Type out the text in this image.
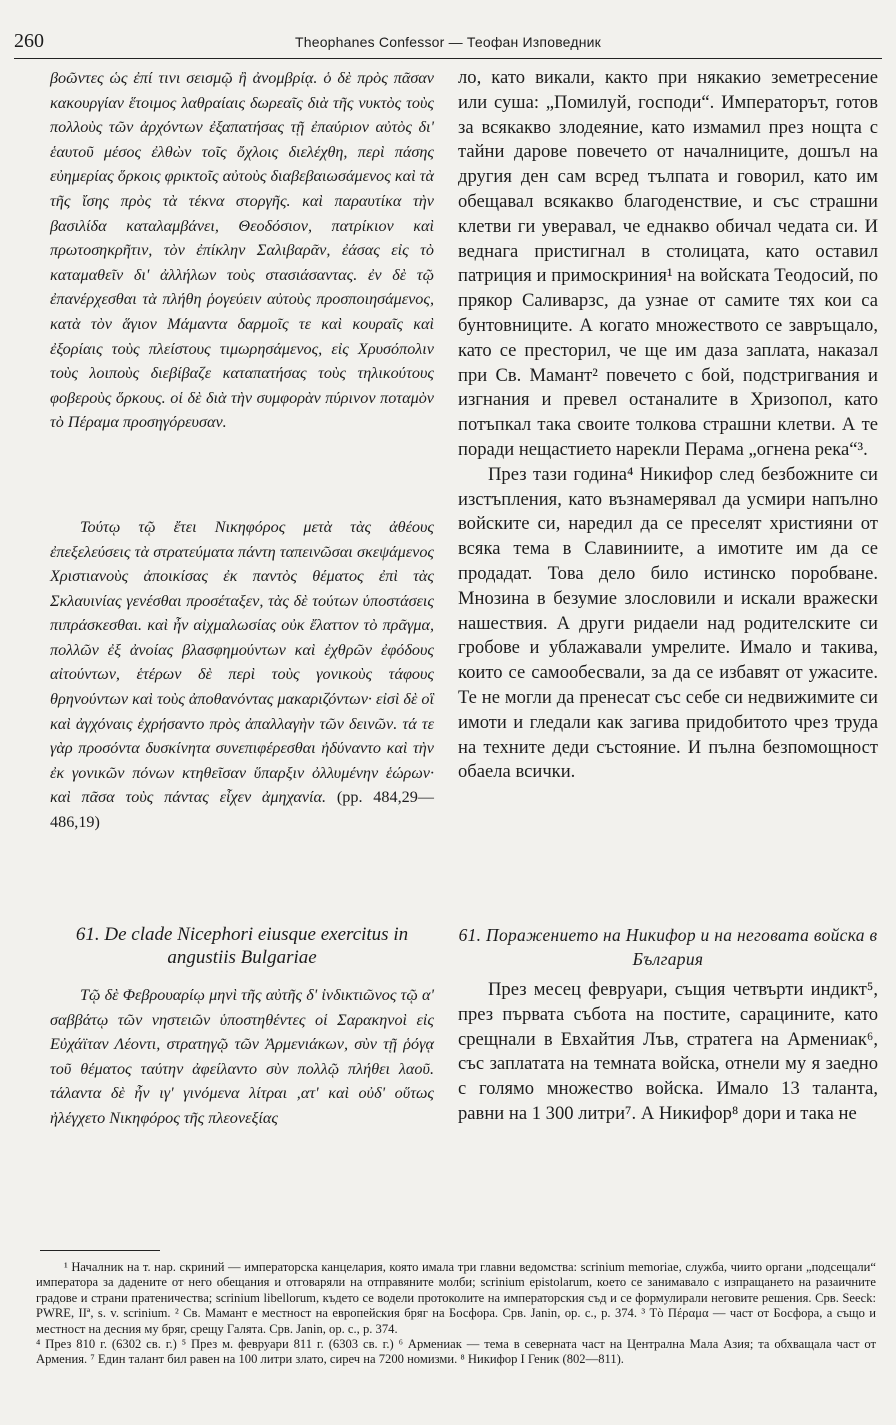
260	Theophanes Confessor — Теофан Изповедник

βοῶντες ὡς ἐπί τινι σεισμῷ ἢ ἀνομβρίᾳ. ὁ δὲ πρὸς πᾶσαν κακουργίαν ἕτοιμος λαθραίαις δωρεαῖς διὰ τῆς νυκτὸς τοὺς πολλοὺς τῶν ἀρχόντων ἐξαπατήσας τῇ ἐπαύριον αὐτὸς δι' ἑαυτοῦ μέσος ἐλθὼν τοῖς ὄχλοις διελέχθη, περὶ πάσης εὐημερίας ὅρκοις φρικτοῖς αὐτοὺς διαβεβαιωσάμενος καὶ τὰ τῆς ἴσης πρὸς τὰ τέκνα στοργῆς. καὶ παραυτίκα τὴν βασιλίδα καταλαμβάνει, Θεοδόσιον, πατρίκιον καὶ πρωτοσηκρῆτιν, τὸν ἐπίκλην Σαλιβαρᾶν, ἐάσας εἰς τὸ καταμαθεῖν δι' ἀλλήλων τοὺς στασιάσαντας. ἐν δὲ τῷ ἐπανέρχεσθαι τὰ πλήθη ῥογεύειν αὐτοὺς προσποιησάμενος, κατὰ τὸν ἅγιον Μάμαντα δαρμοῖς τε καὶ κουραῖς καὶ ἐξορίαις τοὺς πλείστους τιμωρησάμενος, εἰς Χρυσόπολιν τοὺς λοιποὺς διεβίβαζε καταπατήσας τοὺς τηλικούτους φοβεροὺς ὅρκους. οἱ δὲ διὰ τὴν συμφορὰν πύρινον ποταμὸν τὸ Πέραμα προσηγόρευσαν.

Τούτῳ τῷ ἔτει Νικηφόρος μετὰ τὰς ἀθέους ἐπεξελεύσεις τὰ στρατεύματα πάντη ταπεινῶσαι σκεψάμενος Χριστιανοὺς ἀποικίσας ἐκ παντὸς θέματος ἐπὶ τὰς Σκλαυινίας γενέσθαι προσέταξεν, τὰς δὲ τούτων ὑποστάσεις πιπράσκεσθαι. καὶ ἦν αἰχμαλωσίας οὐκ ἔλαττον τὸ πρᾶγμα, πολλῶν ἐξ ἀνοίας βλασφημούντων καὶ ἐχθρῶν ἐφόδους αἰτούντων, ἑτέρων δὲ περὶ τοὺς γονικοὺς τάφους θρηνούντων καὶ τοὺς ἀποθανόντας μακαριζόντων· εἰσὶ δὲ οἳ καὶ ἀγχόναις ἐχρήσαντο πρὸς ἀπαλλαγὴν τῶν δεινῶν. τά τε γὰρ προσόντα δυσκίνητα συνεπιφέρεσθαι ἠδύναντο καὶ τὴν ἐκ γονικῶν πόνων κτηθεῖσαν ὕπαρξιν ὀλλυμένην ἑώρων· καὶ πᾶσα τοὺς πάντας εἶχεν ἀμηχανία. (pp. 484,29—486,19)

ло, като викали, както при някакио земетресение или суша: „Помилуй, господи“. Императорът, готов за всякакво злодеяние, като измамил през нощта с тайни дарове повечето от началниците, дошъл на другия ден сам всред тълпата и говорил, като им обещавал всякакво благоденствие, и със страшни клетви ги уверавал, че еднакво обичал чедата си. И веднага пристигнал в столицата, като оставил патриция и примоскриния¹ на войската Теодосий, по прякор Саливарзс, да узнае от самите тях кои са бунтовниците. А когато множеството се завръщало, като се престорил, че ще им даза заплата, наказал при Св. Мамант² повечето с бой, подстригвания и изгнания и превел останалите в Хризопол, като потъпкал така своите толкова страшни клетви. А те поради нещастието нарекли Перама „огнена река“³.

През тази година⁴ Никифор след безбожните си изстъпления, като възнамерявал да усмири напълно войските си, наредил да се преселят християни от всяка тема в Славиниите, а имотите им да се продадат. Това дело било истинско поробване. Мнозина в безумие злословили и искали вражески нашествия. А други ридаели над родителските си гробове и ублажавали умрелите. Имало и такива, които се самообесвали, за да се избавят от ужасите. Те не могли да пренесат със себе си недвижимите си имоти и гледали как загива придобитото чрез труда на техните деди състояние. И пълна безпомощност обаела всички.

61. De clade Nicephori eiusque exercitus in angustiis Bulgariae

61. Поражението на Никифор и на неговата войска в България

Τῷ δὲ Φεβρουαρίῳ μηνὶ τῆς αὐτῆς δ' ἰνδικτιῶνος τῷ α' σαββάτῳ τῶν νηστειῶν ὑποστηθέντες οἱ Σαρακηνοὶ εἰς Εὐχάϊταν Λέοντι, στρατηγῷ τῶν Ἀρμενιάκων, σὺν τῇ ῥόγᾳ τοῦ θέματος ταύτην ἀφείλαντο σὺν πολλῷ πλήθει λαοῦ. τάλαντα δὲ ἦν ιγ' γινόμενα λίτραι ,ατ' καὶ οὐδ' οὕτως ἠλέγχετο Νικηφόρος τῆς πλεονεξίας

През месец февруари, същия четвърти индикт⁵, през първата събота на постите, сарацините, като срещнали в Евхайтия Лъв, стратега на Армениак⁶, със заплатата на темната войска, отнели му я заедно с голямо множество войска. Имало 13 таланта, равни на 1 300 литри⁷. А Никифор⁸ дори и така не

¹ Началник на т. нар. скриний — императорска канцелария, която имала три главни ведомства: scrinium memoriae, служба, чиито органи „подсещали“ императора за дадените от него обещания и отговаряли на отправяните молби; scrinium epistolarum, което се занимавало с изпращането на разаичните градове и страни пратеничества; scrinium libellorum, където се водели протоколите на императорския съд и се формулирали неговите решения. Срв. Seeck: PWRE, IIª, s. v. scrinium. ² Св. Мамант е местност на европейския бряг на Босфора. Срв. Janin, op. c., p. 374. ³ Τὸ Πέραμα — част от Босфора, а също и местност на десния му бряг, срещу Галята. Срв. Janin, op. c., p. 374.

⁴ През 810 г. (6302 св. г.) ⁵ През м. февруари 811 г. (6303 св. г.) ⁶ Армениак — тема в северната част на Централна Мала Азия; та обхващала част от Армения. ⁷ Един талант бил равен на 100 литри злато, сиреч на 7200 номизми. ⁸ Никифор I Геник (802—811).
